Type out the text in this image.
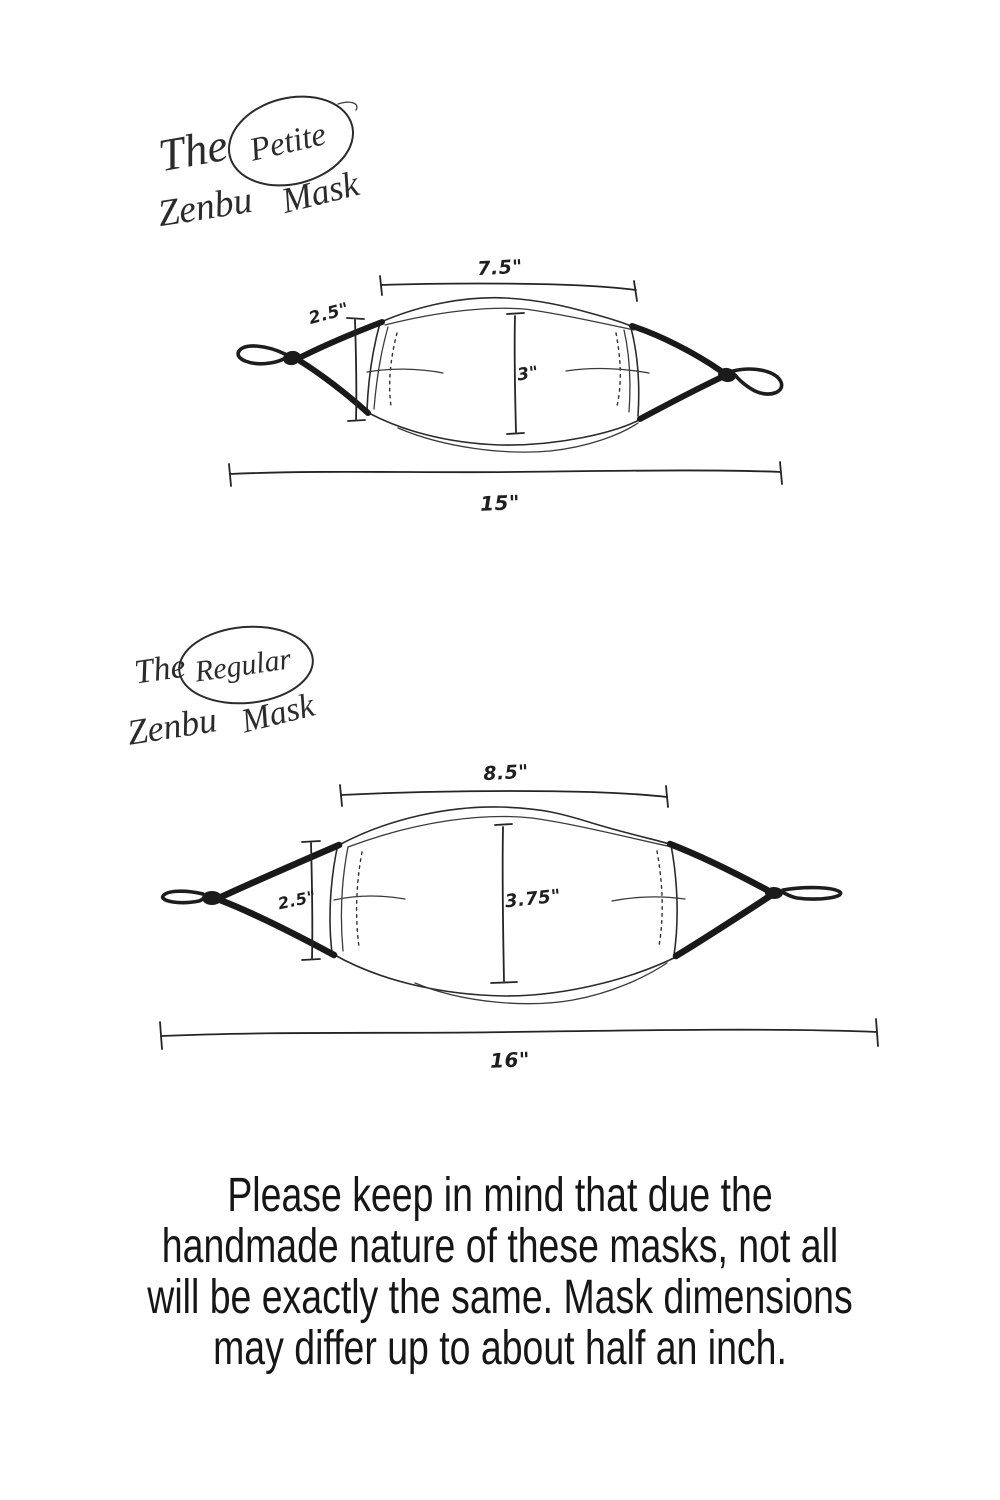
The Petite
Zenbu Mask
7.5"
2.5"
3"
15"
The Regular
Zenbu Mask
8.5"
2.5"	3.75"
16"
Please keep in mind that due the
handmade nature of these masks, not all
will be exactly the same. Mask dimensions
may differ up to about half an inch.
